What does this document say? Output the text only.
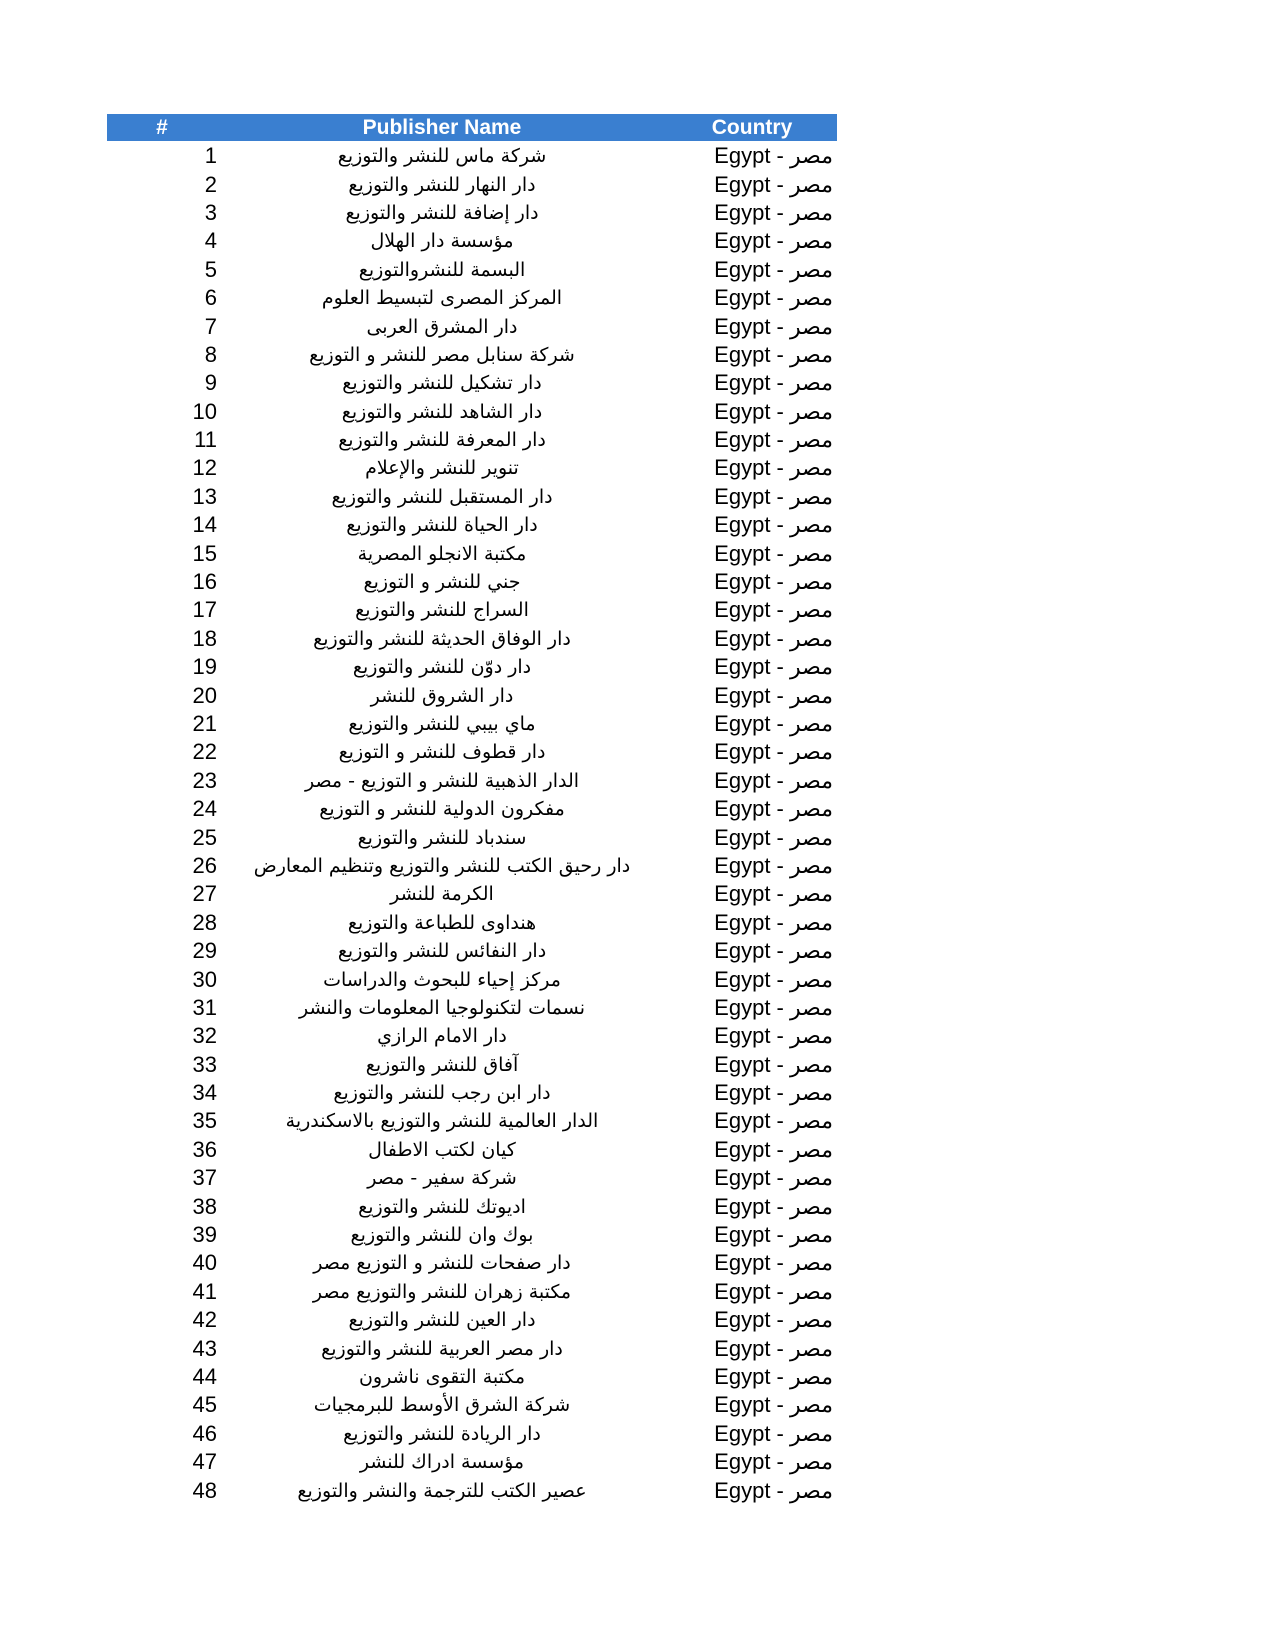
#	Publisher Name	Country
1	شركة ماس للنشر والتوزيع	Egypt - مصر
2	دار النهار للنشر والتوزيع	Egypt - مصر
3	دار إضافة للنشر والتوزيع	Egypt - مصر
4	مؤسسة دار الهلال	Egypt - مصر
5	البسمة للنشروالتوزيع	Egypt - مصر
6	المركز المصرى لتبسيط العلوم	Egypt - مصر
7	دار المشرق العربى	Egypt - مصر
8	شركة سنابل مصر للنشر و التوزيع	Egypt - مصر
9	دار تشكيل للنشر والتوزيع	Egypt - مصر
10	دار الشاهد للنشر والتوزيع	Egypt - مصر
11	دار المعرفة للنشر والتوزيع	Egypt - مصر
12	تنوير للنشر والإعلام	Egypt - مصر
13	دار المستقبل للنشر والتوزيع	Egypt - مصر
14	دار الحياة للنشر والتوزيع	Egypt - مصر
15	مكتبة الانجلو المصرية	Egypt - مصر
16	جني للنشر و التوزيع	Egypt - مصر
17	السراج للنشر والتوزيع	Egypt - مصر
18	دار الوفاق الحديثة للنشر والتوزيع	Egypt - مصر
19	دار دوّن للنشر والتوزيع	Egypt - مصر
20	دار الشروق للنشر	Egypt - مصر
21	ماي بيبي للنشر والتوزيع	Egypt - مصر
22	دار قطوف للنشر و التوزيع	Egypt - مصر
23	الدار الذهبية للنشر و التوزيع - مصر	Egypt - مصر
24	مفكرون الدولية للنشر و التوزيع	Egypt - مصر
25	سندباد للنشر والتوزيع	Egypt - مصر
26	دار رحيق الكتب للنشر والتوزيع وتنظيم المعارض	Egypt - مصر
27	الكرمة للنشر	Egypt - مصر
28	هنداوى للطباعة والتوزيع	Egypt - مصر
29	دار النفائس للنشر والتوزيع	Egypt - مصر
30	مركز إحياء للبحوث والدراسات	Egypt - مصر
31	نسمات لتكنولوجيا المعلومات والنشر	Egypt - مصر
32	دار الامام الرازي	Egypt - مصر
33	آفاق للنشر والتوزيع	Egypt - مصر
34	دار ابن رجب للنشر والتوزيع	Egypt - مصر
35	الدار العالمية للنشر والتوزيع بالاسكندرية	Egypt - مصر
36	كيان لكتب الاطفال	Egypt - مصر
37	شركة سفير - مصر	Egypt - مصر
38	اديوتك للنشر والتوزيع	Egypt - مصر
39	بوك وان للنشر والتوزيع	Egypt - مصر
40	دار صفحات للنشر و التوزيع مصر	Egypt - مصر
41	مكتبة زهران للنشر والتوزيع مصر	Egypt - مصر
42	دار العين للنشر والتوزيع	Egypt - مصر
43	دار مصر العربية للنشر والتوزيع	Egypt - مصر
44	مكتبة التقوى ناشرون	Egypt - مصر
45	شركة الشرق الأوسط للبرمجيات	Egypt - مصر
46	دار الريادة للنشر والتوزيع	Egypt - مصر
47	مؤسسة ادراك للنشر	Egypt - مصر
48	عصير الكتب للترجمة والنشر والتوزيع	Egypt - مصر
